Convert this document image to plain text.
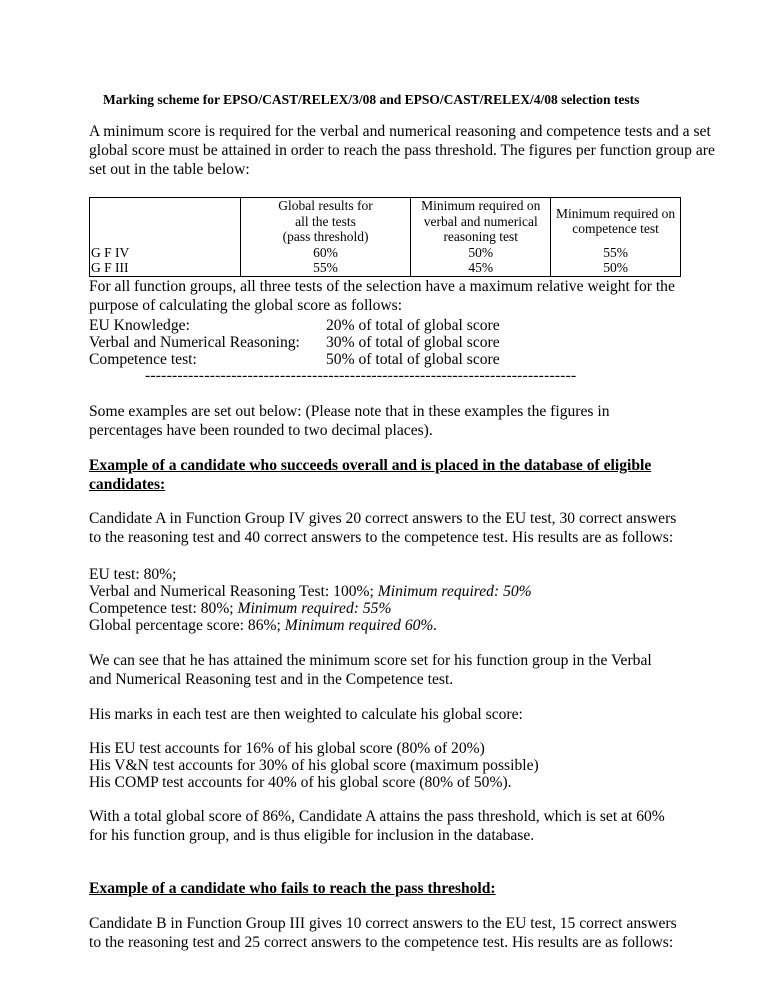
Marking scheme for EPSO/CAST/RELEX/3/08 and EPSO/CAST/RELEX/4/08 selection tests

A minimum score is required for the verbal and numerical reasoning and competence tests and a set

global score must be attained in order to reach the pass threshold. The figures per function group are

set out in the table below:

	Global results for
all the tests
(pass threshold)	Minimum required on
verbal and numerical
reasoning test	Minimum required on
competence test

G F IV	60%	50%	55%

G F III	55%	45%	50%

For all function groups, all three tests of the selection have a maximum relative weight for the

purpose of calculating the global score as follows:

EU Knowledge:	20% of total of global score

Verbal and Numerical Reasoning: 30% of total of global score

Competence test:	50% of total of global score

--------------------------------------------------------------------------------

Some examples are set out below: (Please note that in these examples the figures in

percentages have been rounded to two decimal places).

Example of a candidate who succeeds overall and is placed in the database of eligible

candidates:

Candidate A in Function Group IV gives 20 correct answers to the EU test, 30 correct answers

to the reasoning test and 40 correct answers to the competence test. His results are as follows:

EU test: 80%;

Verbal and Numerical Reasoning Test: 100%; Minimum required: 50%

Competence test: 80%; Minimum required: 55%

Global percentage score: 86%; Minimum required 60%.

We can see that he has attained the minimum score set for his function group in the Verbal

and Numerical Reasoning test and in the Competence test.

His marks in each test are then weighted to calculate his global score:

His EU test accounts for 16% of his global score (80% of 20%)

His V&N test accounts for 30% of his global score (maximum possible)

His COMP test accounts for 40% of his global score (80% of 50%).

With a total global score of 86%, Candidate A attains the pass threshold, which is set at 60%

for his function group, and is thus eligible for inclusion in the database.

Example of a candidate who fails to reach the pass threshold:

Candidate B in Function Group III gives 10 correct answers to the EU test, 15 correct answers

to the reasoning test and 25 correct answers to the competence test. His results are as follows:
